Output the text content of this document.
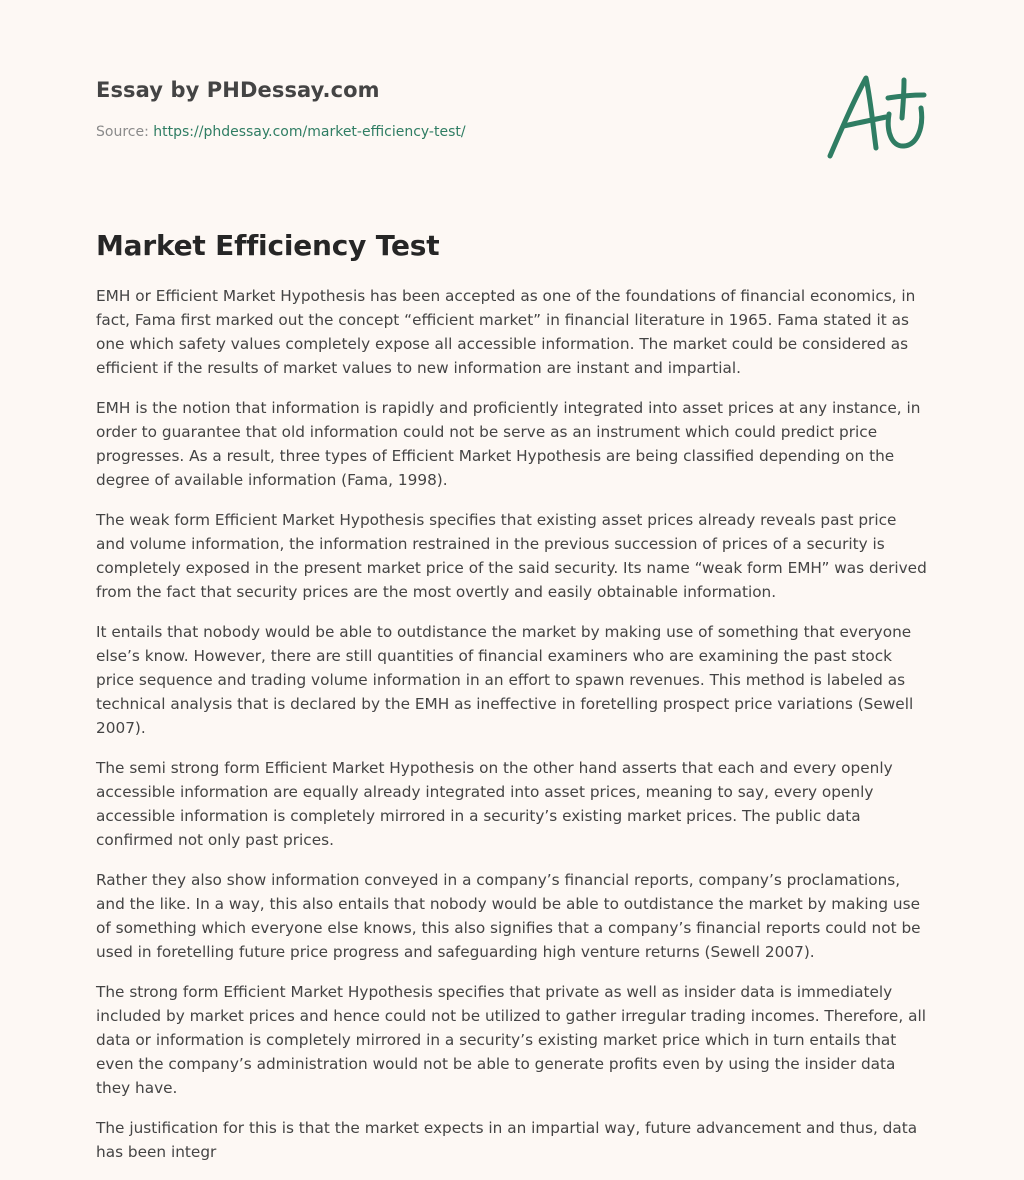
Essay by PHDessay.com
Source: https://phdessay.com/market-efficiency-test/
Market Efficiency Test

EMH or Efficient Market Hypothesis has been accepted as one of the foundations of financial economics, in fact, Fama first marked out the concept “efficient market” in financial literature in 1965. Fama stated it as one which safety values completely expose all accessible information. The market could be considered as efficient if the results of market values to new information are instant and impartial.

EMH is the notion that information is rapidly and proficiently integrated into asset prices at any instance, in order to guarantee that old information could not be serve as an instrument which could predict price progresses. As a result, three types of Efficient Market Hypothesis are being classified depending on the degree of available information (Fama, 1998).

The weak form Efficient Market Hypothesis specifies that existing asset prices already reveals past price and volume information, the information restrained in the previous succession of prices of a security is completely exposed in the present market price of the said security. Its name “weak form EMH” was derived from the fact that security prices are the most overtly and easily obtainable information.

It entails that nobody would be able to outdistance the market by making use of something that everyone else’s know. However, there are still quantities of financial examiners who are examining the past stock price sequence and trading volume information in an effort to spawn revenues. This method is labeled as technical analysis that is declared by the EMH as ineffective in foretelling prospect price variations (Sewell 2007).

The semi strong form Efficient Market Hypothesis on the other hand asserts that each and every openly accessible information are equally already integrated into asset prices, meaning to say, every openly accessible information is completely mirrored in a security’s existing market prices. The public data confirmed not only past prices.

Rather they also show information conveyed in a company’s financial reports, company’s proclamations, and the like. In a way, this also entails that nobody would be able to outdistance the market by making use of something which everyone else knows, this also signifies that a company’s financial reports could not be used in foretelling future price progress and safeguarding high venture returns (Sewell 2007).

The strong form Efficient Market Hypothesis specifies that private as well as insider data is immediately included by market prices and hence could not be utilized to gather irregular trading incomes. Therefore, all data or information is completely mirrored in a security’s existing market price which in turn entails that even the company’s administration would not be able to generate profits even by using the insider data they have.

The justification for this is that the market expects in an impartial way, future advancement and thus, data has been integr
